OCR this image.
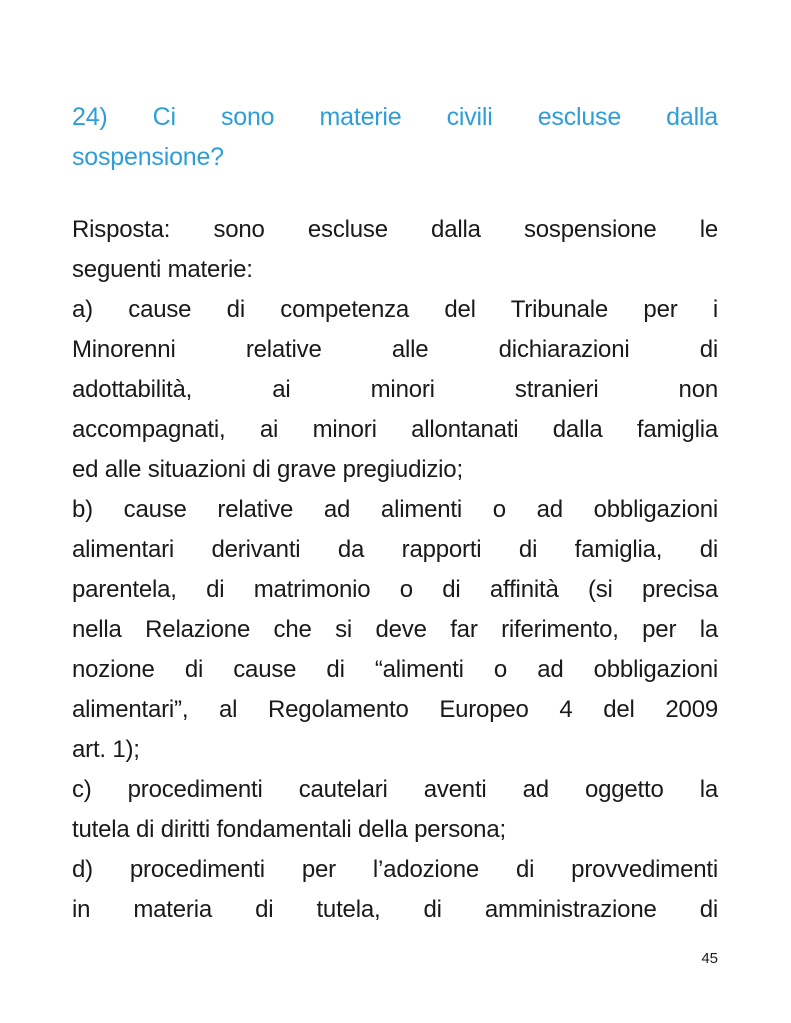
24) Ci sono materie civili escluse dalla
sospensione?

Risposta: sono escluse dalla sospensione le
seguenti materie:

a) cause di competenza del Tribunale per i
Minorenni relative alle dichiarazioni di
adottabilità, ai minori stranieri non
accompagnati, ai minori allontanati dalla famiglia
ed alle situazioni di grave pregiudizio;

b) cause relative ad alimenti o ad obbligazioni
alimentari derivanti da rapporti di famiglia, di
parentela, di matrimonio o di affinità (si precisa
nella Relazione che si deve far riferimento, per la
nozione di cause di “alimenti o ad obbligazioni
alimentari”, al Regolamento Europeo 4 del 2009
art. 1);

c) procedimenti cautelari aventi ad oggetto la
tutela di diritti fondamentali della persona;

d) procedimenti per l’adozione di provvedimenti
in materia di tutela, di amministrazione di

45
